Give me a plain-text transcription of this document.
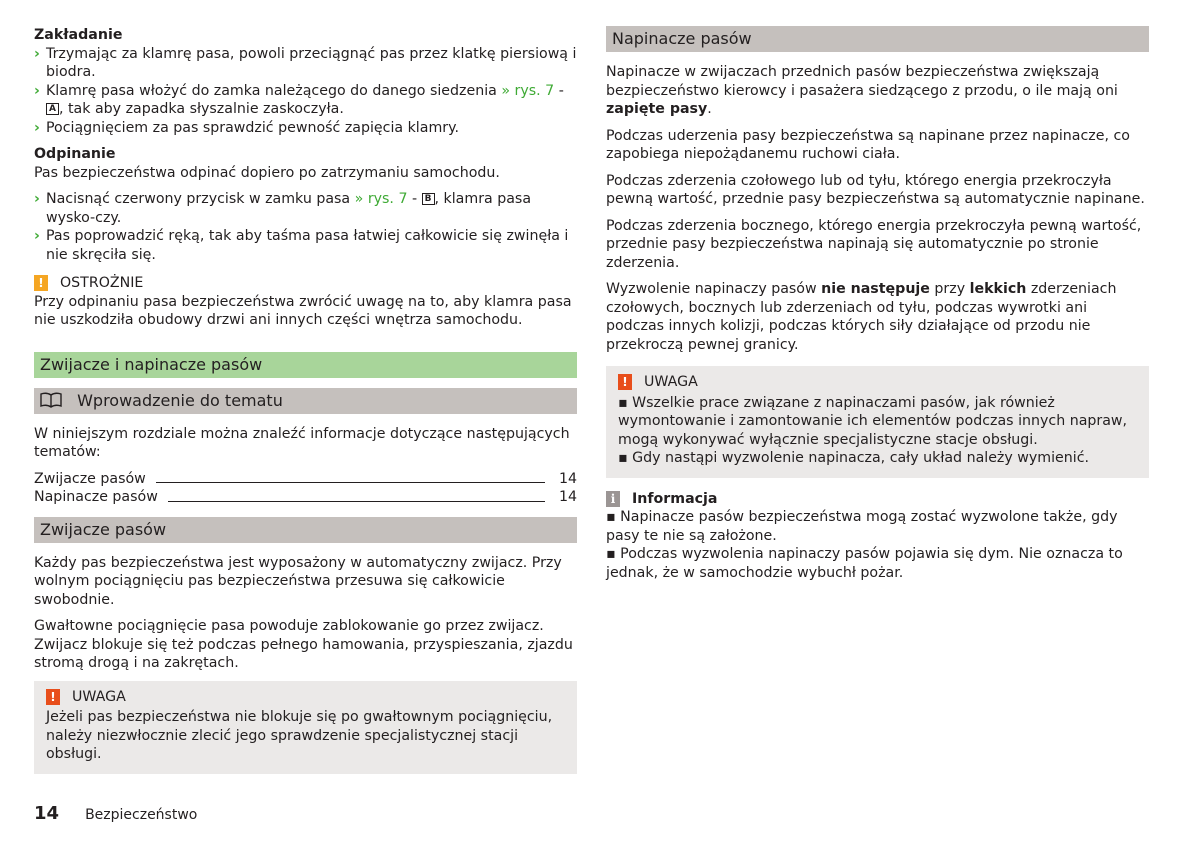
Zakładanie

› Trzymając za klamrę pasa, powoli przeciągnąć pas przez klatkę piersiową i biodra.
› Klamrę pasa włożyć do zamka należącego do danego siedzenia » rys. 7 - A , tak aby zapadka słyszalnie zaskoczyła.
› Pociągnięciem za pas sprawdzić pewność zapięcia klamry.

Odpinanie

Pas bezpieczeństwa odpinać dopiero po zatrzymaniu samochodu.

› Nacisnąć czerwony przycisk w zamku pasa » rys. 7 - B , klamra pasa wysko-czy.
› Pas poprowadzić ręką, tak aby taśma pasa łatwiej całkowicie się zwinęła i nie skręciła się.
!	OSTROŻNIE

Przy odpinaniu pasa bezpieczeństwa zwrócić uwagę na to, aby klamra pasa nie uszkodziła obudowy drzwi ani innych części wnętrza samochodu.

Zwijacze i napinacze pasów
Wprowadzenie do tematu

W niniejszym rozdziale można znaleźć informacje dotyczące następujących tematów:

Zwijacze pasów	14
Napinacze pasów	14
Zwijacze pasów

Każdy pas bezpieczeństwa jest wyposażony w automatyczny zwijacz. Przy wolnym pociągnięciu pas bezpieczeństwa przesuwa się całkowicie swobodnie.

Gwałtowne pociągnięcie pasa powoduje zablokowanie go przez zwijacz. Zwijacz blokuje się też podczas pełnego hamowania, przyspieszania, zjazdu stromą drogą i na zakrętach.

!	UWAGA

Jeżeli pas bezpieczeństwa nie blokuje się po gwałtownym pociągnięciu, należy niezwłocznie zlecić jego sprawdzenie specjalistycznej stacji obsługi.

Napinacze pasów

Napinacze w zwijaczach przednich pasów bezpieczeństwa zwiększają bezpieczeństwo kierowcy i pasażera siedzącego z przodu, o ile mają oni zapięte pasy.

Podczas uderzenia pasy bezpieczeństwa są napinane przez napinacze, co zapobiega niepożądanemu ruchowi ciała.

Podczas zderzenia czołowego lub od tyłu, którego energia przekroczyła pewną wartość, przednie pasy bezpieczeństwa są automatycznie napinane.

Podczas zderzenia bocznego, którego energia przekroczyła pewną wartość, przednie pasy bezpieczeństwa napinają się automatycznie po stronie zderzenia.

Wyzwolenie napinaczy pasów nie następuje przy lekkich zderzeniach czołowych, bocznych lub zderzeniach od tyłu, podczas wywrotki ani podczas innych kolizji, podczas których siły działające od przodu nie przekroczą pewnej granicy.

!	UWAGA

▪ Wszelkie prace związane z napinaczami pasów, jak również wymontowanie i zamontowanie ich elementów podczas innych napraw, mogą wykonywać wyłącznie specjalistyczne stacje obsługi.

▪ Gdy nastąpi wyzwolenie napinacza, cały układ należy wymienić.

i	Informacja

▪ Napinacze pasów bezpieczeństwa mogą zostać wyzwolone także, gdy pasy te nie są założone.

▪ Podczas wyzwolenia napinaczy pasów pojawia się dym. Nie oznacza to jednak, że w samochodzie wybuchł pożar.

14 Bezpieczeństwo
